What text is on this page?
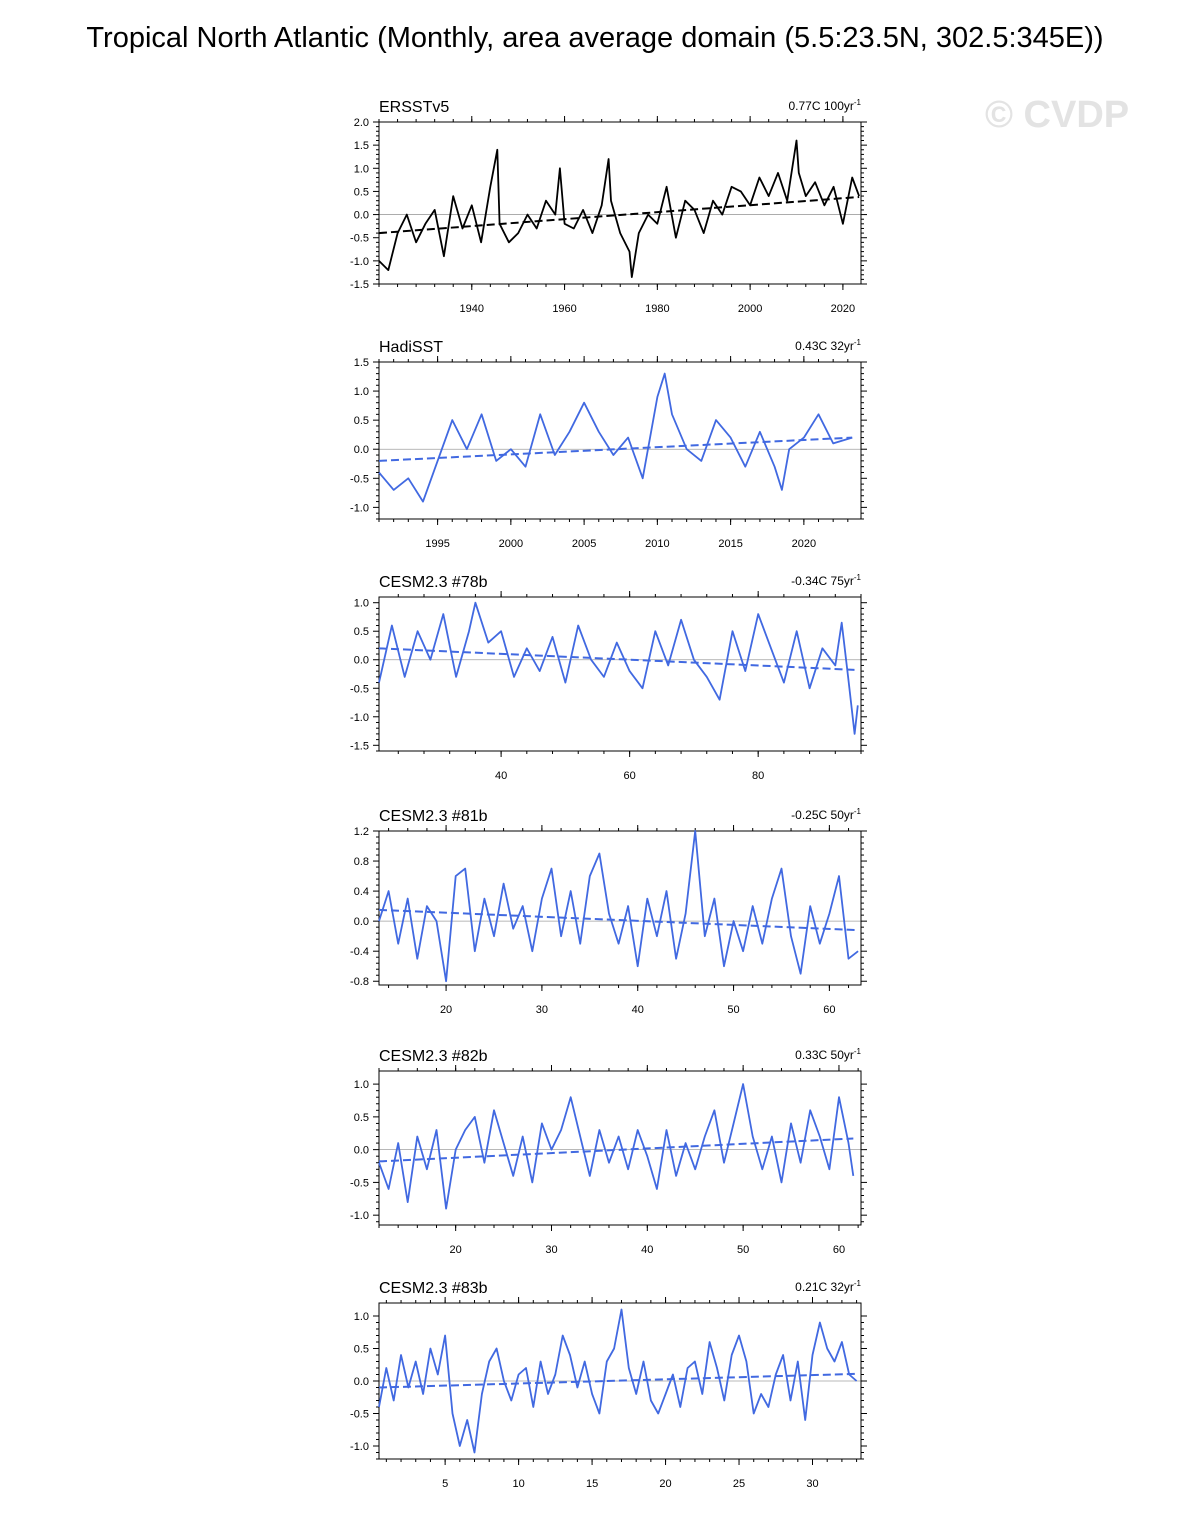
Tropical North Atlantic (Monthly, area average domain (5.5:23.5N, 302.5:345E))
© CVDP
ERSSTv5	0.77C $100yr^{-1}$
2.0
1.5
1.0
0.5
0.0
-0.5
-1.0
-1.5
1940	1960	1980	2000	2020
HadiSST	0.43C $32yr^{-1}$
1.5
1.0
0.5
0.0
-0.5
-1.0
1995	2000	2005	2010	2015	2020
CESM2.3 #78b	-0.34C $75yr^{-1}$
1.0
0.5
0.0
-0.5
-1.0
-1.5
40	60	80
CESM2.3 #81b	-0.25C $50yr^{-1}$
1.2
0.8
0.4
0.0
-0.4
-0.8
20	30	40	50	60
CESM2.3 #82b	0.33C $50yr^{-1}$
1.0
0.5
0.0
-0.5
-1.0
20	30	40	50	60
CESM2.3 #83b	0.21C $32yr^{-1}$
1.0
0.5
0.0
-0.5
-1.0
5	10	15	20	25	30
